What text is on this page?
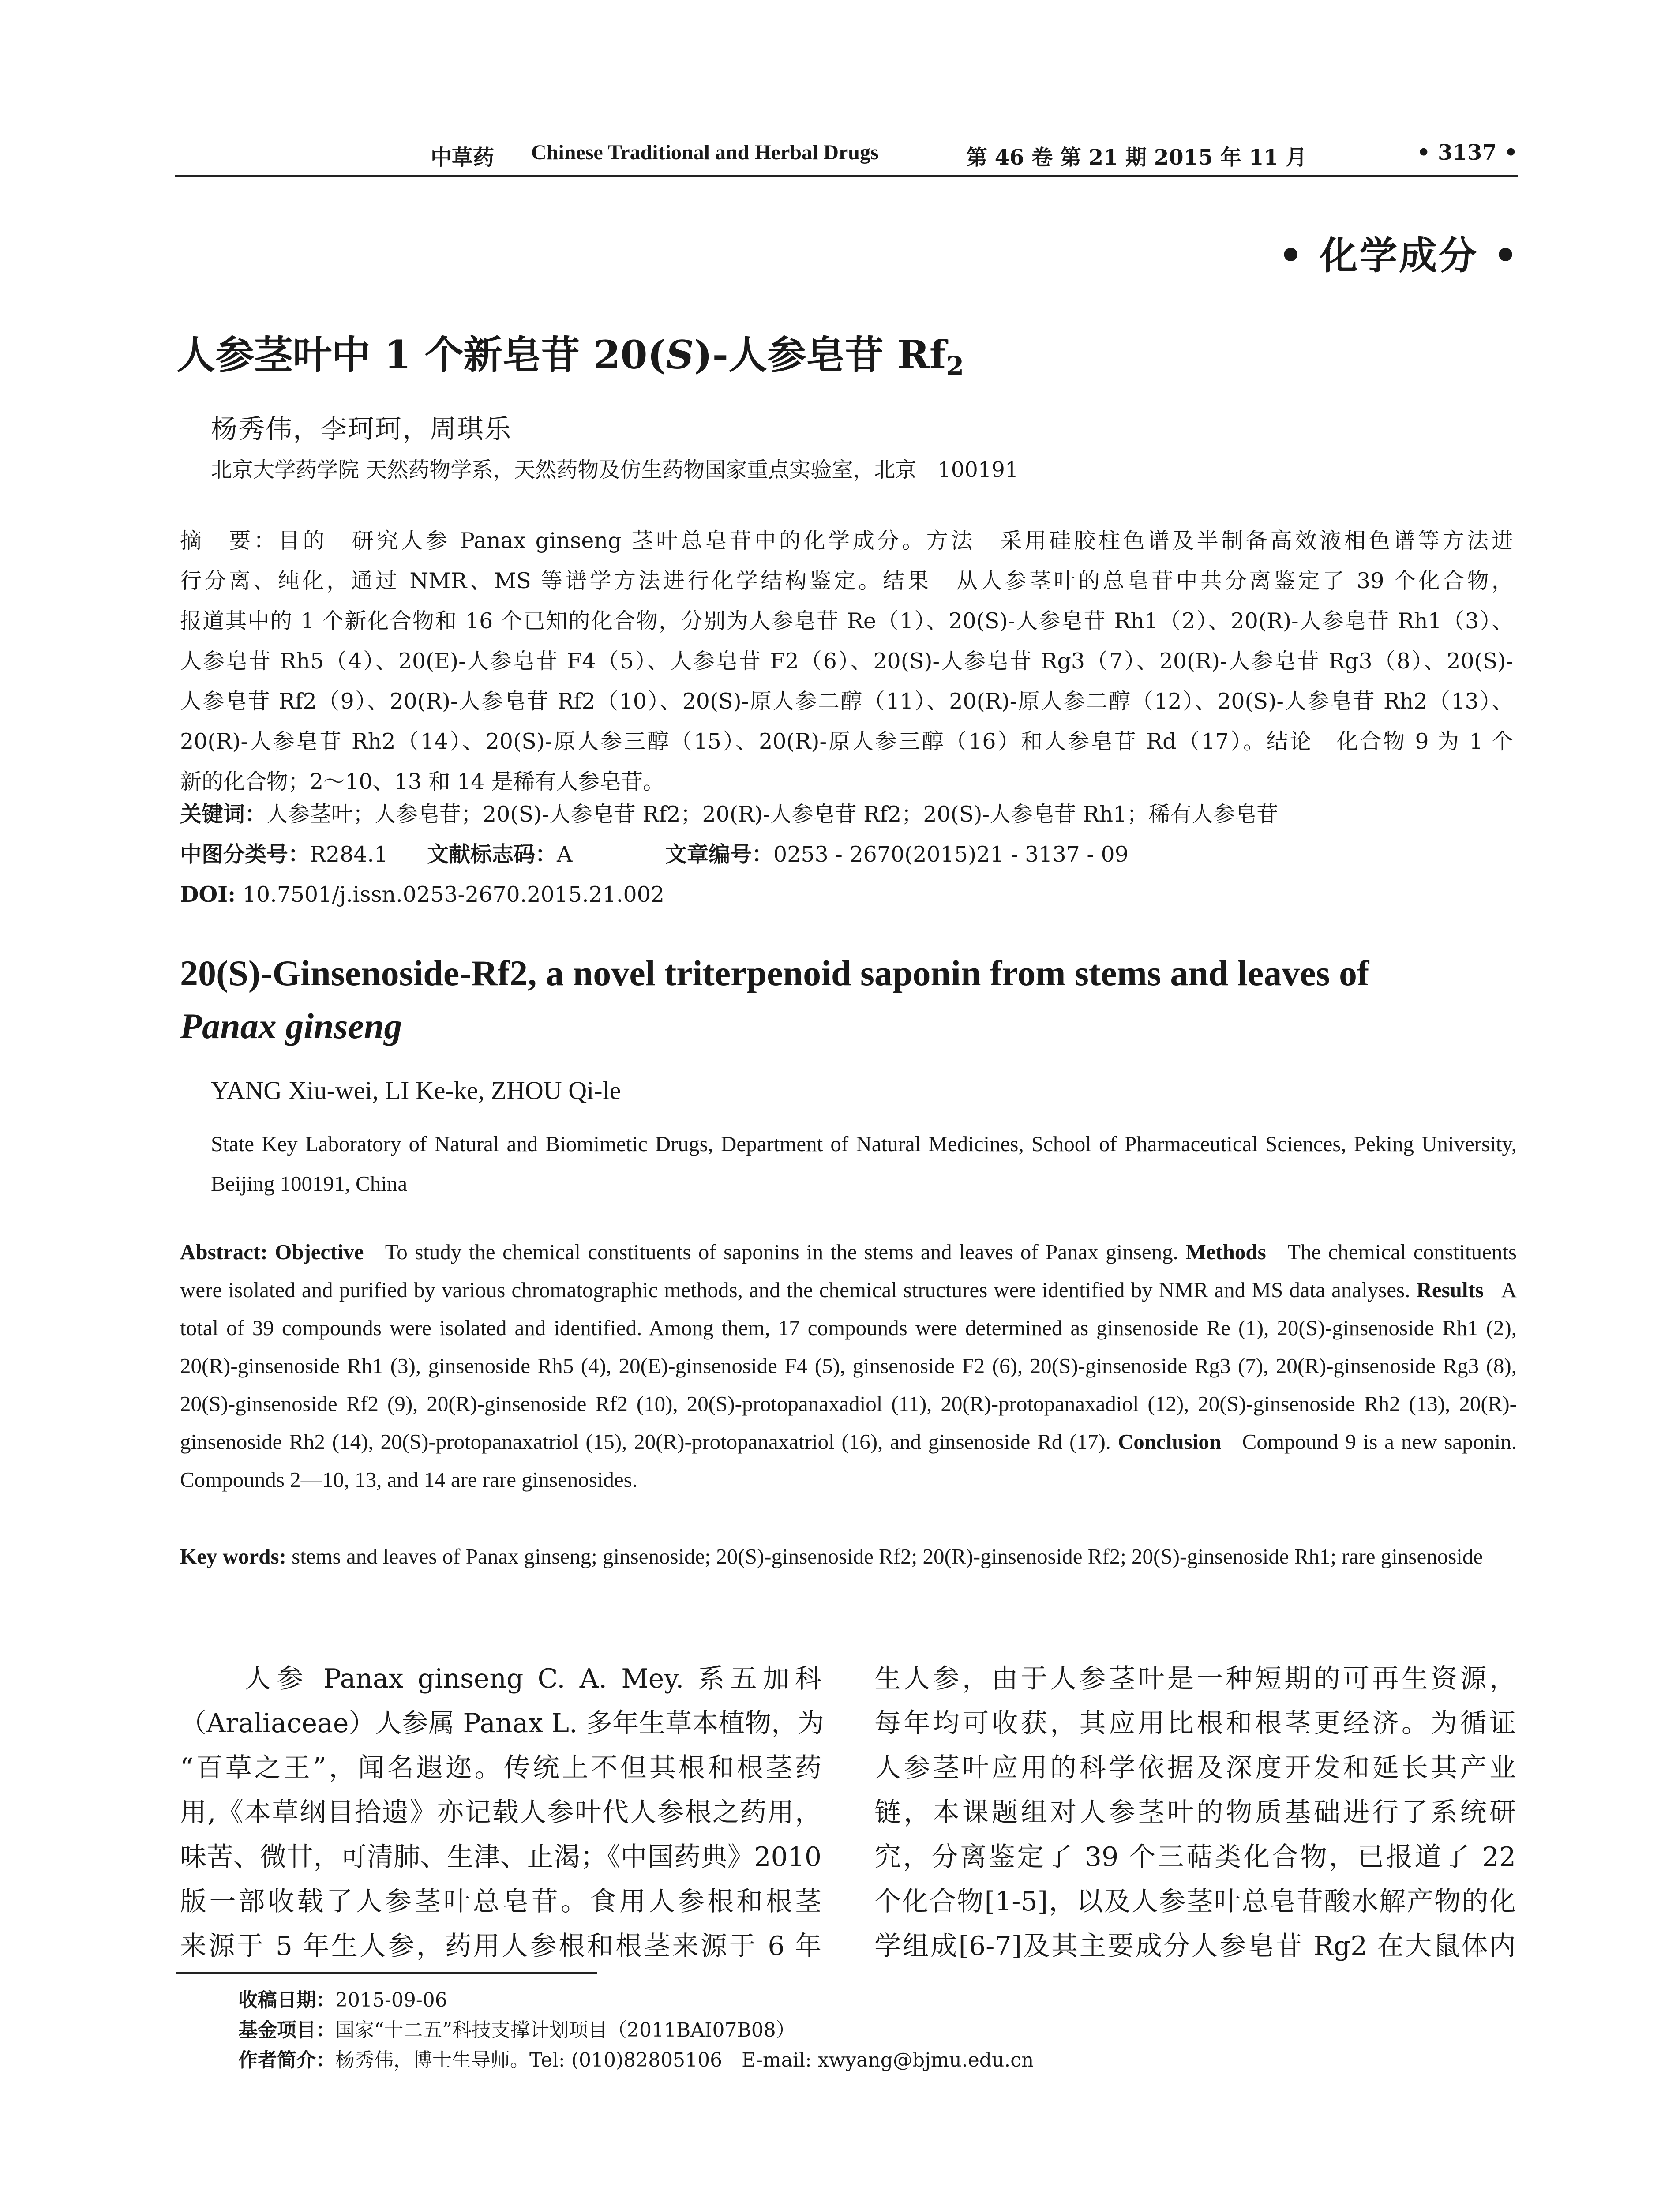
中草药 Chinese Traditional and Herbal Drugs	第 46 卷 第 21 期 2015 年 11 月	• 3137 •
• 化学成分 •
人参茎叶中 1 个新皂苷 20(S)-人参皂苷 $Rf_2$
杨秀伟，李珂珂，周琪乐
北京大学药学院 天然药物学系，天然药物及仿生药物国家重点实验室，北京　100191
摘　要：目的　研究人参 Panax ginseng 茎叶总皂苷中的化学成分。方法　采用硅胶柱色谱及半制备高效液相色谱等方法进
行分离、纯化，通过 NMR、MS 等谱学方法进行化学结构鉴定。结果　从人参茎叶的总皂苷中共分离鉴定了 39 个化合物，
报道其中的 1 个新化合物和 16 个已知的化合物，分别为人参皂苷 Re（1）、20(S)-人参皂苷 Rh1（2）、20(R)-人参皂苷 Rh1（3）、
人参皂苷 Rh5（4）、20(E)-人参皂苷 F4（5）、人参皂苷 F2（6）、20(S)-人参皂苷 Rg3（7）、20(R)-人参皂苷 Rg3（8）、20(S)-
人参皂苷 Rf2（9）、20(R)-人参皂苷 Rf2（10）、20(S)-原人参二醇（11）、20(R)-原人参二醇（12）、20(S)-人参皂苷 Rh2（13）、
20(R)-人参皂苷 Rh2（14）、20(S)-原人参三醇（15）、20(R)-原人参三醇（16）和人参皂苷 Rd（17）。结论　化合物 9 为 1 个
新的化合物；2～10、13 和 14 是稀有人参皂苷。
关键词：人参茎叶；人参皂苷；20(S)-人参皂苷 Rf2；20(R)-人参皂苷 Rf2；20(S)-人参皂苷 Rh1；稀有人参皂苷
中图分类号：R284.1 文献标志码：A	文章编号：0253 - 2670(2015)21 - 3137 - 09
DOI: 10.7501/j.issn.0253-2670.2015.21.002
20(S)-Ginsenoside-Rf2, a novel triterpenoid saponin from stems and leaves of
Panax ginseng
YANG Xiu-wei, LI Ke-ke, ZHOU Qi-le
State Key Laboratory of Natural and Biomimetic Drugs, Department of Natural Medicines, School of Pharmaceutical Sciences, Peking University, Beijing 100191, China
Abstract: Objective To study the chemical constituents of saponins in the stems and leaves of Panax ginseng. Methods The chemical constituents were isolated and purified by various chromatographic methods, and the chemical structures were identified by NMR and MS data analyses. Results A total of 39 compounds were isolated and identified. Among them, 17 compounds were determined as ginsenoside Re (1), 20(S)-ginsenoside Rh1 (2), 20(R)-ginsenoside Rh1 (3), ginsenoside Rh5 (4), 20(E)-ginsenoside F4 (5), ginsenoside F2 (6), 20(S)-ginsenoside Rg3 (7), 20(R)-ginsenoside Rg3 (8), 20(S)-ginsenoside Rf2 (9), 20(R)-ginsenoside Rf2 (10), 20(S)-protopanaxadiol (11), 20(R)-protopanaxadiol (12), 20(S)-ginsenoside Rh2 (13), 20(R)-ginsenoside Rh2 (14), 20(S)-protopanaxatriol (15), 20(R)-protopanaxatriol (16), and ginsenoside Rd (17). Conclusion Compound 9 is a new saponin. Compounds 2—10, 13, and 14 are rare ginsenosides.
Key words: stems and leaves of Panax ginseng; ginsenoside; 20(S)-ginsenoside Rf2; 20(R)-ginsenoside Rf2; 20(S)-ginsenoside Rh1; rare ginsenoside
　　人参 Panax ginseng C. A. Mey. 系五加科
（Araliaceae）人参属 Panax L. 多年生草本植物，为
“百草之王”，闻名遐迩。传统上不但其根和根茎药
用,《本草纲目拾遗》亦记载人参叶代人参根之药用，
味苦、微甘，可清肺、生津、止渴；《中国药典》2010
版一部收载了人参茎叶总皂苷。食用人参根和根茎
来源于 5 年生人参，药用人参根和根茎来源于 6 年
生人参，由于人参茎叶是一种短期的可再生资源，
每年均可收获，其应用比根和根茎更经济。为循证
人参茎叶应用的科学依据及深度开发和延长其产业
链，本课题组对人参茎叶的物质基础进行了系统研
究，分离鉴定了 39 个三萜类化合物，已报道了 22
个化合物[1-5]，以及人参茎叶总皂苷酸水解产物的化
学组成[6-7]及其主要成分人参皂苷 Rg2 在大鼠体内
收稿日期：2015-09-06
基金项目：国家“十二五”科技支撑计划项目（2011BAI07B08）
作者简介：杨秀伟，博士生导师。Tel: (010)82805106　E-mail: xwyang@bjmu.edu.cn
